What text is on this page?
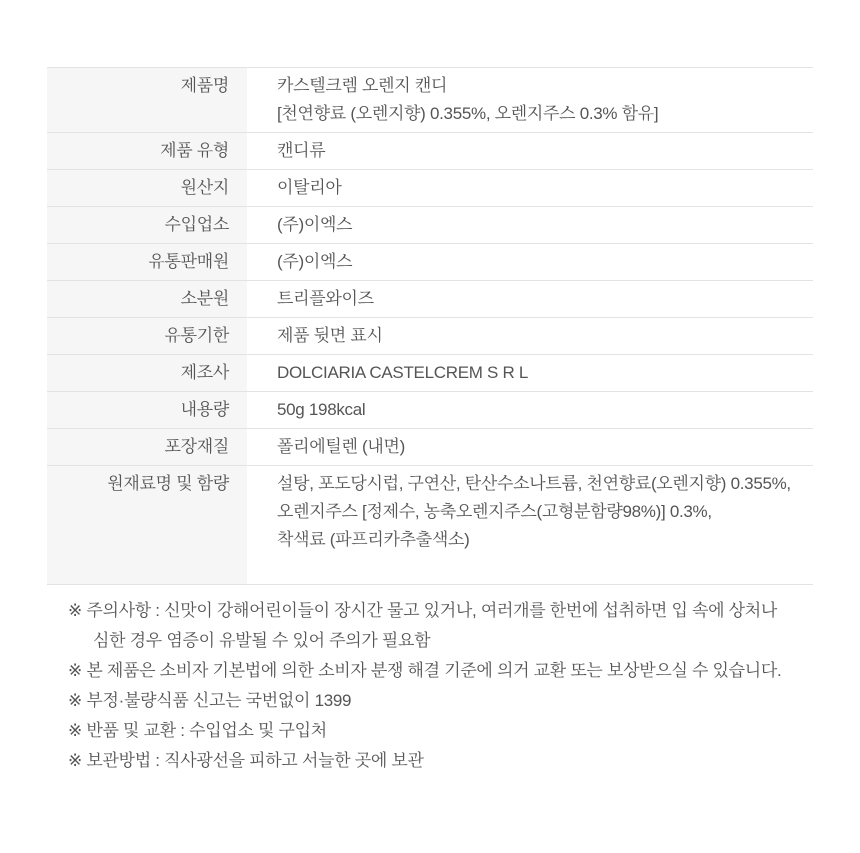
제품명	카스텔크렘 오렌지 캔디
[천연향료 (오렌지향) 0.355%, 오렌지주스 0.3% 함유]
제품 유형	캔디류
원산지	이탈리아
수입업소	(주)이엑스
유통판매원	(주)이엑스
소분원	트리플와이즈
유통기한	제품 뒷면 표시
제조사	DOLCIARIA CASTELCREM S R L
내용량	50g 198kcal
포장재질	폴리에틸렌 (내면)
원재료명 및 함량	설탕, 포도당시럽, 구연산, 탄산수소나트륨, 천연향료(오렌지향) 0.355%,
오렌지주스 [정제수, 농축오렌지주스(고형분함량98%)] 0.3%,
착색료 (파프리카추출색소)
※ 주의사항 : 신맛이 강해어린이들이 장시간 물고 있거나, 여러개를 한번에 섭취하면 입 속에 상처나
심한 경우 염증이 유발될 수 있어 주의가 필요함
※ 본 제품은 소비자 기본법에 의한 소비자 분쟁 해결 기준에 의거 교환 또는 보상받으실 수 있습니다.
※ 부정·불량식품 신고는 국번없이 1399
※ 반품 및 교환 : 수입업소 및 구입처
※ 보관방법 : 직사광선을 피하고 서늘한 곳에 보관
